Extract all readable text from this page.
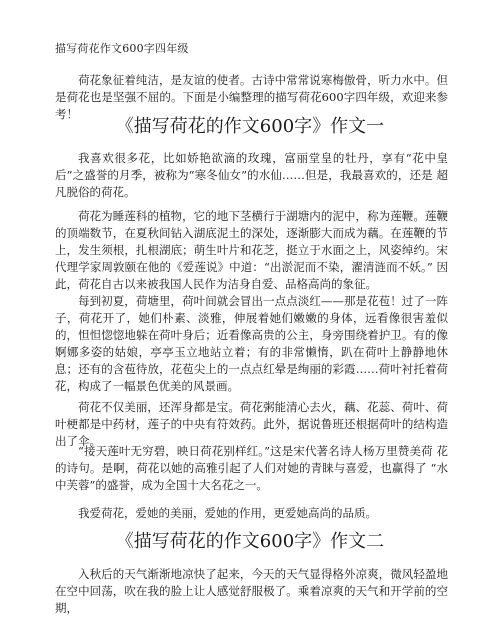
描写荷花作文600字四年级

荷花象征着纯洁，是友谊的使者。古诗中常常说寒梅傲骨，听力水中。但 是荷花也是坚强不屈的。下面是小编整理的描写荷花600字四年级，欢迎来参 考！

《描写荷花的作文600字》作文一

我喜欢很多花，比如娇艳欲滴的玫瑰，富丽堂皇的牡丹，享有“花中皇 后”之盛誉的月季，被称为“寒冬仙女”的水仙……但是，我最喜欢的，还是 超凡脱俗的荷花。

荷花为睡莲科的植物，它的地下茎横行于湖塘内的泥中，称为莲鞭。莲鞭 的顶端数节，在夏秋间钻入湖底泥土的深处，逐渐膨大而成为藕。在莲鞭的节 上，发生须根，扎根湖底；萌生叶片和花芝，挺立于水面之上，风姿绰约。宋 代理学家周敦颐在他的《爱莲说》中道：“出淤泥而不染，濯清涟而不妖。” 因此，荷花自古以来被我国人民作为洁身自爱、品格高尚的象征。

每到初夏，荷塘里，荷叶间就会冒出一点点淡红——那是花苞！过了一阵 子，荷花开了，她们朴素、淡雅，伸展着她们嫩嫩的身体，远看像很害羞似 的，怛怛惚惚地躲在荷叶身后；近看像高贵的公主，身旁围绕着护卫。有的像 婀娜多姿的姑娘，亭亭玉立地站立着；有的非常懒惰，趴在荷叶上静静地休 息；还有的含苞待放，花苞尖上的一点点红晕是绚丽的彩霞……荷叶衬托着荷 花，构成了一幅景色优美的风景画。

荷花不仅美丽，还浑身都是宝。荷花粥能清心去火，藕、花蕊、荷叶、荷 叶梗都是中药材，莲子的中央有符效药。此外，据说鲁班还根据荷叶的结构造 出了伞。

“接天莲叶无穷碧，映日荷花别样红。”这是宋代著名诗人杨万里赞美荷 花的诗句。是啊，荷花以她的高雅引起了人们对她的青睐与喜爱，也赢得了 “水中芙蓉”的盛誉，成为全国十大名花之一。

我爱荷花，爱她的美丽，爱她的作用，更爱她高尚的品质。

《描写荷花的作文600字》作文二

入秋后的天气渐渐地凉快了起来，今天的天气显得格外凉爽，微风轻盈地 在空中回荡，吹在我的脸上让人感觉舒服极了。乘着凉爽的天气和开学前的空 期，
